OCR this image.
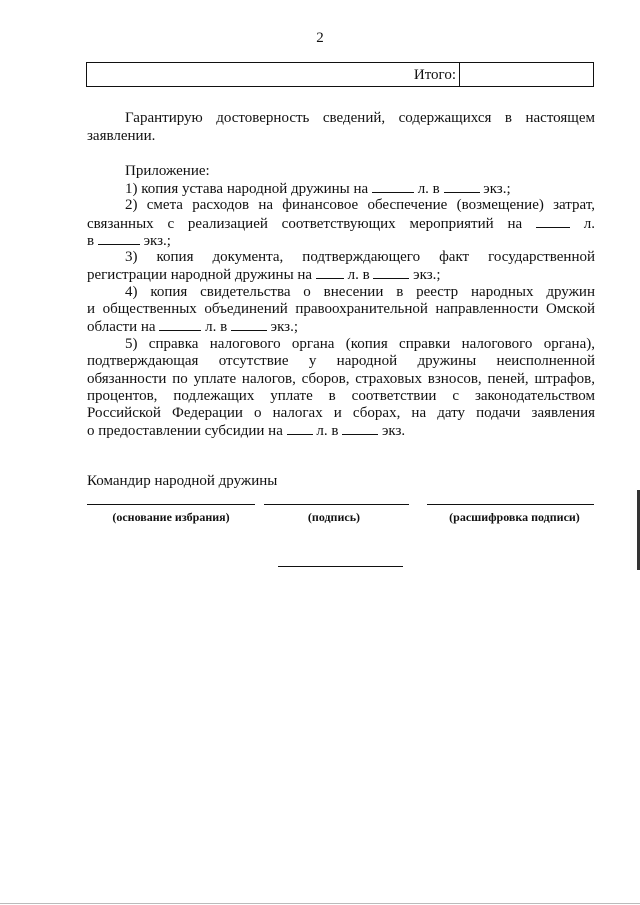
2
Итого:
Гарантирую достоверность сведений, содержащихся в настоящем заявлении.
Приложение:
1) копия устава народной дружины на	л. в	экз.;
2) смета расходов на финансовое обеспечение (возмещение) затрат,
связанных с реализацией соответствующих мероприятий на	л.
в	экз.;
3) копия документа, подтверждающего факт государственной
регистрации народной дружины на л. в	экз.;
4) копия свидетельства о внесении в реестр народных дружин
и общественных объединений правоохранительной направленности Омской
области на	л. в	экз.;
5) справка налогового органа (копия справки налогового органа),
подтверждающая отсутствие у народной дружины неисполненной
обязанности по уплате налогов, сборов, страховых взносов, пеней, штрафов,
процентов, подлежащих уплате в соответствии с законодательством
Российской Федерации о налогах и сборах, на дату подачи заявления
о предоставлении субсидии на л. в	экз.
Командир народной дружины
(основание избрания)	(подпись)	(расшифровка подписи)
